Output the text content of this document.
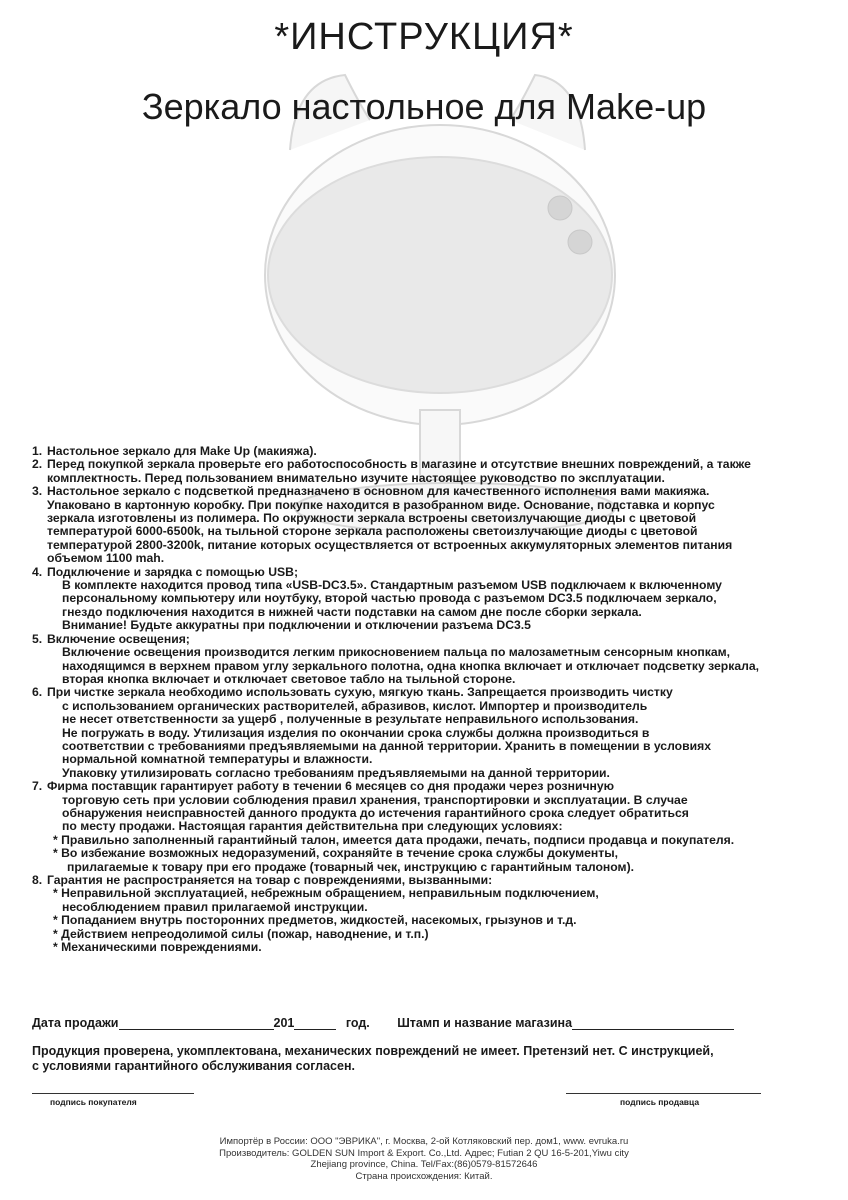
*ИНСТРУКЦИЯ*
Зеркало настольное для Make-up
1. Настольное зеркало для Make Up (макияжа).
2. Перед покупкой зеркала проверьте его работоспособность в магазине и отсутствие внешних повреждений, а также
комплектность. Перед пользованием внимательно изучите настоящее руководство по эксплуатации.
3. Настольное зеркало с подсветкой предназначено в основном для качественного исполнения вами макияжа.
Упаковано в картонную коробку. При покупке находится в разобранном виде. Основание, подставка и корпус
зеркала изготовлены из полимера. По окружности зеркала встроены светоизлучающие диоды с цветовой
температурой 6000-6500k, на тыльной стороне зеркала расположены светоизлучающие диоды с цветовой
температурой 2800-3200k, питание которых осуществляется от встроенных аккумуляторных элементов питания
объемом 1100 mah.
4. Подключение и зарядка с помощью USB;
В комплекте находится провод типа «USB-DC3.5». Стандартным разъемом USB подключаем к включенному
персональному компьютеру или ноутбуку, второй частью провода с разъемом DC3.5 подключаем зеркало,
гнездо подключения находится в нижней части подставки на самом дне после сборки зеркала.
Внимание! Будьте аккуратны при подключении и отключении разъема DC3.5
5. Включение освещения;
Включение освещения производится легким прикосновением пальца по малозаметным сенсорным кнопкам,
находящимся в верхнем правом углу зеркального полотна, одна кнопка включает и отключает подсветку зеркала,
вторая кнопка включает и отключает световое табло на тыльной стороне.
6. При чистке зеркала необходимо использовать сухую, мягкую ткань. Запрещается производить чистку
с использованием органических растворителей, абразивов, кислот. Импортер и производитель
не несет ответственности за ущерб , полученные в результате неправильного использования.
Не погружать в воду. Утилизация изделия по окончании срока службы должна производиться в
соответствии с требованиями предъявляемыми на данной территории. Хранить в помещении в условиях
нормальной комнатной температуры и влажности.
Упаковку утилизировать согласно требованиям предъявляемыми на данной территории.
7. Фирма поставщик гарантирует работу в течении 6 месяцев со дня продажи через розничную
торговую сеть при условии соблюдения правил хранения, транспортировки и эксплуатации. В случае
обнаружения неисправностей данного продукта до истечения гарантийного срока следует обратиться
по месту продажи. Настоящая гарантия действительна при следующих условиях:
* Правильно заполненный гарантийный талон, имеется дата продажи, печать, подписи продавца и покупателя.
* Во избежание возможных недоразумений, сохраняйте в течение срока службы документы,
прилагаемые к товару при его продаже (товарный чек, инструкцию с гарантийным талоном).
8. Гарантия не распространяется на товар с повреждениями, вызванными:
* Неправильной эксплуатацией, небрежным обращением, неправильным подключением,
несоблюдением правил прилагаемой инструкции.
* Попаданием внутрь посторонних предметов, жидкостей, насекомых, грызунов и т.д.
* Действием непреодолимой силы (пожар, наводнение, и т.п.)
* Механическими повреждениями.
Дата продажи	201	год. Штамп и название магазина
Продукция проверена, укомплектована, механических повреждений не имеет. Претензий нет. С инструкцией,
с условиями гарантийного обслуживания согласен.
подпись покупателя	подпись продавца
Импортёр в России: ООО "ЭВРИКА", г. Москва, 2-ой Котляковский пер. дом1, www. evruka.ru
Производитель: GOLDEN SUN Import & Export. Co.,Ltd. Адрес; Futian 2 QU 16-5-201,Yiwu city
Zhejiang province, China. Tel/Fax:(86)0579-81572646
Страна происхождения: Китай.
